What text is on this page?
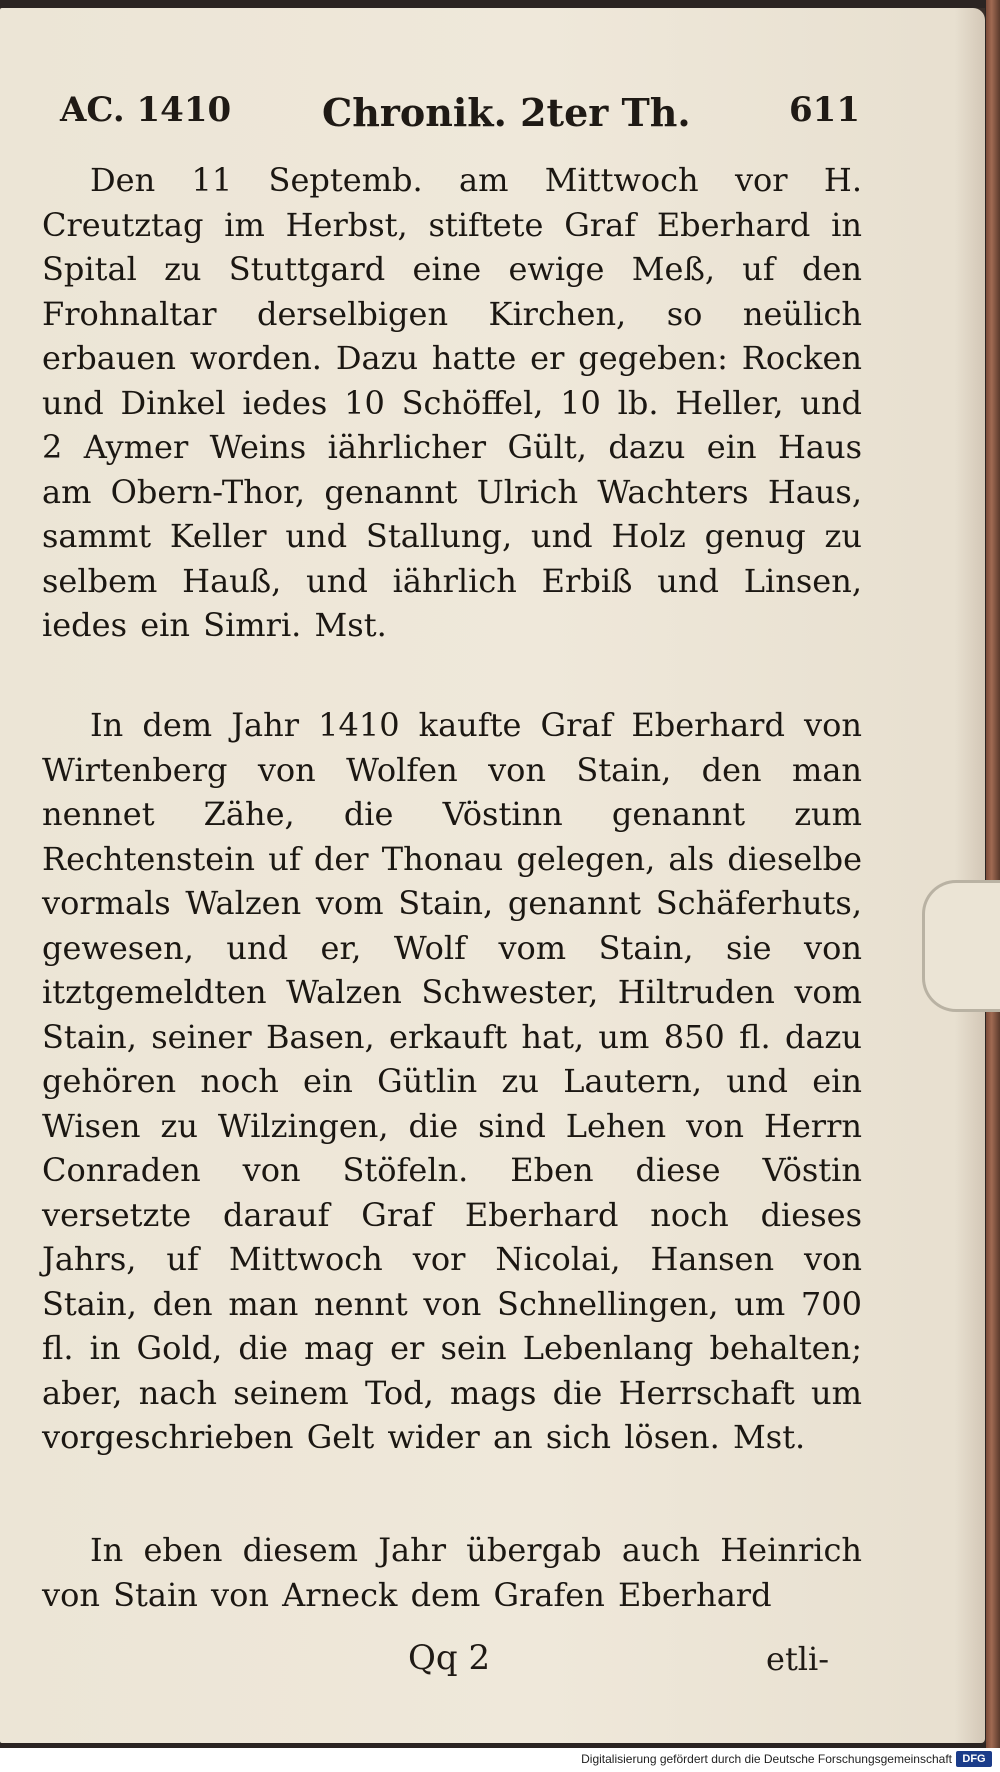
AC. 1410 Chronik. 2ter Th.	611

Den 11 Septemb. am Mittwoch vor H. Creutztag im Herbst, stiftete Graf Eberhard in Spital zu Stuttgard eine ewige Meß, uf den Frohnaltar derselbigen Kirchen, so neülich erbauen worden. Dazu hatte er gegeben: Rocken und Dinkel iedes 10 Schöffel, 10 lb. Heller, und 2 Aymer Weins iährlicher Gült, dazu ein Haus am Obern-Thor, genannt Ulrich Wachters Haus, sammt Keller und Stallung, und Holz genug zu selbem Hauß, und iährlich Erbiß und Linsen, iedes ein Simri. Mst.

In dem Jahr 1410 kaufte Graf Eberhard von Wirtenberg von Wolfen von Stain, den man nennet Zähe, die Vöstinn genannt zum Rechtenstein uf der Thonau gelegen, als dieselbe vormals Walzen vom Stain, genannt Schäferhuts, gewesen, und er, Wolf vom Stain, sie von itztgemeldten Walzen Schwester, Hiltruden vom Stain, seiner Basen, erkauft hat, um 850 fl. dazu gehören noch ein Gütlin zu Lautern, und ein Wisen zu Wilzingen, die sind Lehen von Herrn Conraden von Stöfeln. Eben diese Vöstin versetzte darauf Graf Eberhard noch dieses Jahrs, uf Mittwoch vor Nicolai, Hansen von Stain, den man nennt von Schnellingen, um 700 fl. in Gold, die mag er sein Lebenlang behalten; aber, nach seinem Tod, mags die Herrschaft um vorgeschrieben Gelt wider an sich lösen. Mst.

In eben diesem Jahr übergab auch Heinrich von Stain von Arneck dem Grafen Eberhard

Qq 2	etli-
Digitalisierung gefördert durch die Deutsche Forschungsgemeinschaft DFG
